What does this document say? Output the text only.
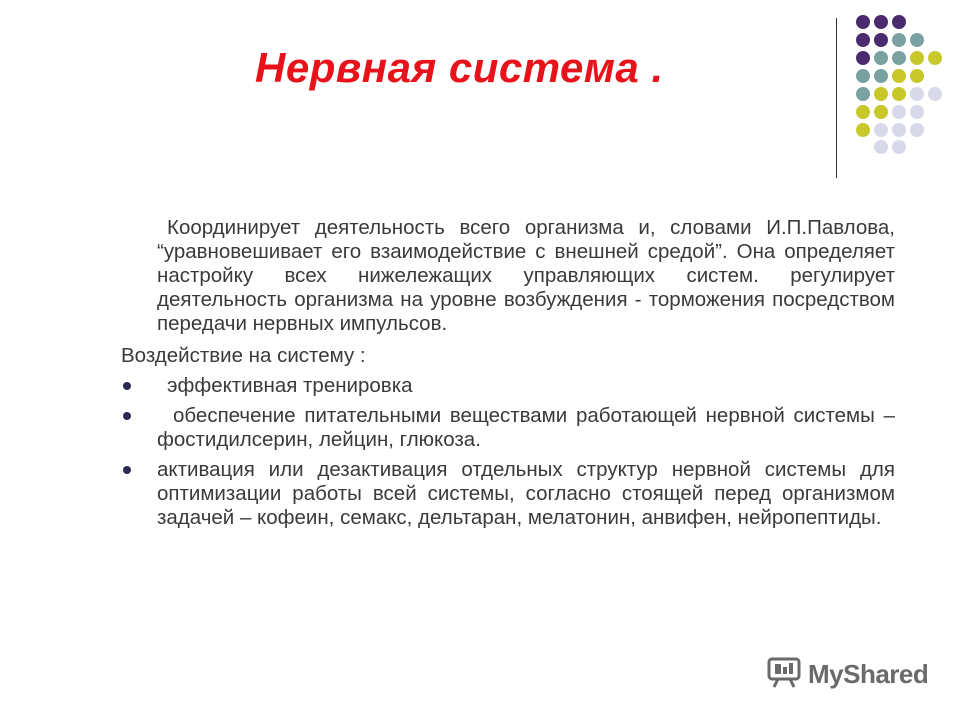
Нервная система .
Координирует деятельность всего организма и, словами И.П.Павлова, “уравновешивает его взаимодействие с внешней средой”. Она определяет настройку всех нижележащих управляющих систем. регулирует деятельность организма на уровне возбуждения - торможения посредством передачи нервных импульсов.
Воздействие на систему :
эффективная тренировка
обеспечение питательными веществами работающей нервной системы –фостидилсерин, лейцин, глюкоза.
активация или дезактивация отдельных структур нервной системы для оптимизации работы всей системы, согласно стоящей перед организмом задачей – кофеин, семакс, дельтаран, мелатонин, анвифен, нейропептиды.
MyShared
